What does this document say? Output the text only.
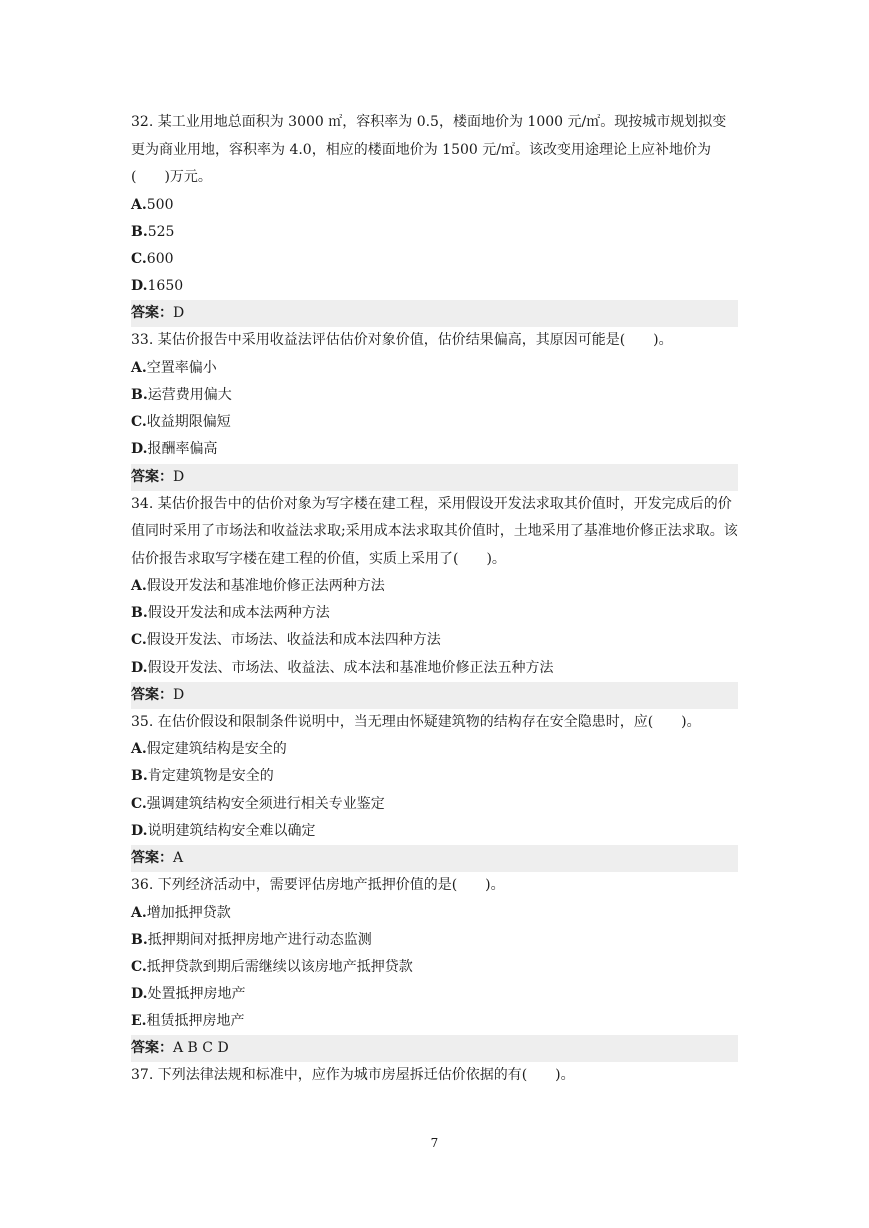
32. 某工业用地总面积为 3000 ㎡，容积率为 0.5，楼面地价为 1000 元/㎡。现按城市规划拟变更为商业用地，容积率为 4.0，相应的楼面地价为 1500 元/㎡。该改变用途理论上应补地价为(　　)万元。
A.500
B.525
C.600
D.1650
答案：D
33. 某估价报告中采用收益法评估估价对象价值，估价结果偏高，其原因可能是(　　)。
A.空置率偏小
B.运营费用偏大
C.收益期限偏短
D.报酬率偏高
答案：D
34. 某估价报告中的估价对象为写字楼在建工程，采用假设开发法求取其价值时，开发完成后的价值同时采用了市场法和收益法求取;采用成本法求取其价值时，土地采用了基准地价修正法求取。该估价报告求取写字楼在建工程的价值，实质上采用了(　　)。
A.假设开发法和基准地价修正法两种方法
B.假设开发法和成本法两种方法
C.假设开发法、市场法、收益法和成本法四种方法
D.假设开发法、市场法、收益法、成本法和基准地价修正法五种方法
答案：D
35. 在估价假设和限制条件说明中，当无理由怀疑建筑物的结构存在安全隐患时，应(　　)。
A.假定建筑结构是安全的
B.肯定建筑物是安全的
C.强调建筑结构安全须进行相关专业鉴定
D.说明建筑结构安全难以确定
答案：A
36. 下列经济活动中，需要评估房地产抵押价值的是(　　)。
A.增加抵押贷款
B.抵押期间对抵押房地产进行动态监测
C.抵押贷款到期后需继续以该房地产抵押贷款
D.处置抵押房地产
E.租赁抵押房地产
答案：A B C D
37. 下列法律法规和标准中，应作为城市房屋拆迁估价依据的有(　　)。
7
